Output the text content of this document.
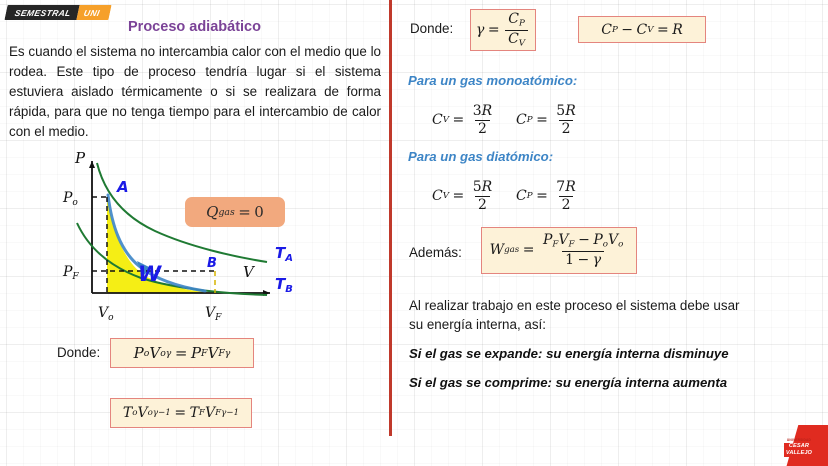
SEMESTRAL	UNI
Proceso adiabático
Es cuando el sistema no intercambia calor con el medio que lo rodea. Este tipo de proceso tendría lugar si el sistema estuviera aislado térmicamente o si se realizara de forma rápida, para que no tenga tiempo para el intercambio de calor con el medio.
P
V
$P_o$
$P_F$
$V_o$	$V_F$
A
B
W
$T_A$
$T_B$
Q gas = 0
Donde: P o V o γ = P F V F γ
T o V o γ−1 = T F V F γ−1
Donde: $\gamma = \frac{C_P}{C_V}$	C P − C V = R
Para un gas monoatómico:
C $V = \frac{3R}{2}$ C $P = \frac{5R}{2}$
Para un gas diatómico:
C $V = \frac{5R}{2}$ C $P = \frac{7R}{2}$
Además: W gas = $\frac{P_FV_F - P_oV_o}{1 - \gamma}$
Al realizar trabajo en este proceso el sistema debe usar su energía interna, así:
Si el gas se expande: su energía interna disminuye
Si el gas se comprime: su energía interna aumenta
UNIVERSIDAD
CESAR
VALLEJO
